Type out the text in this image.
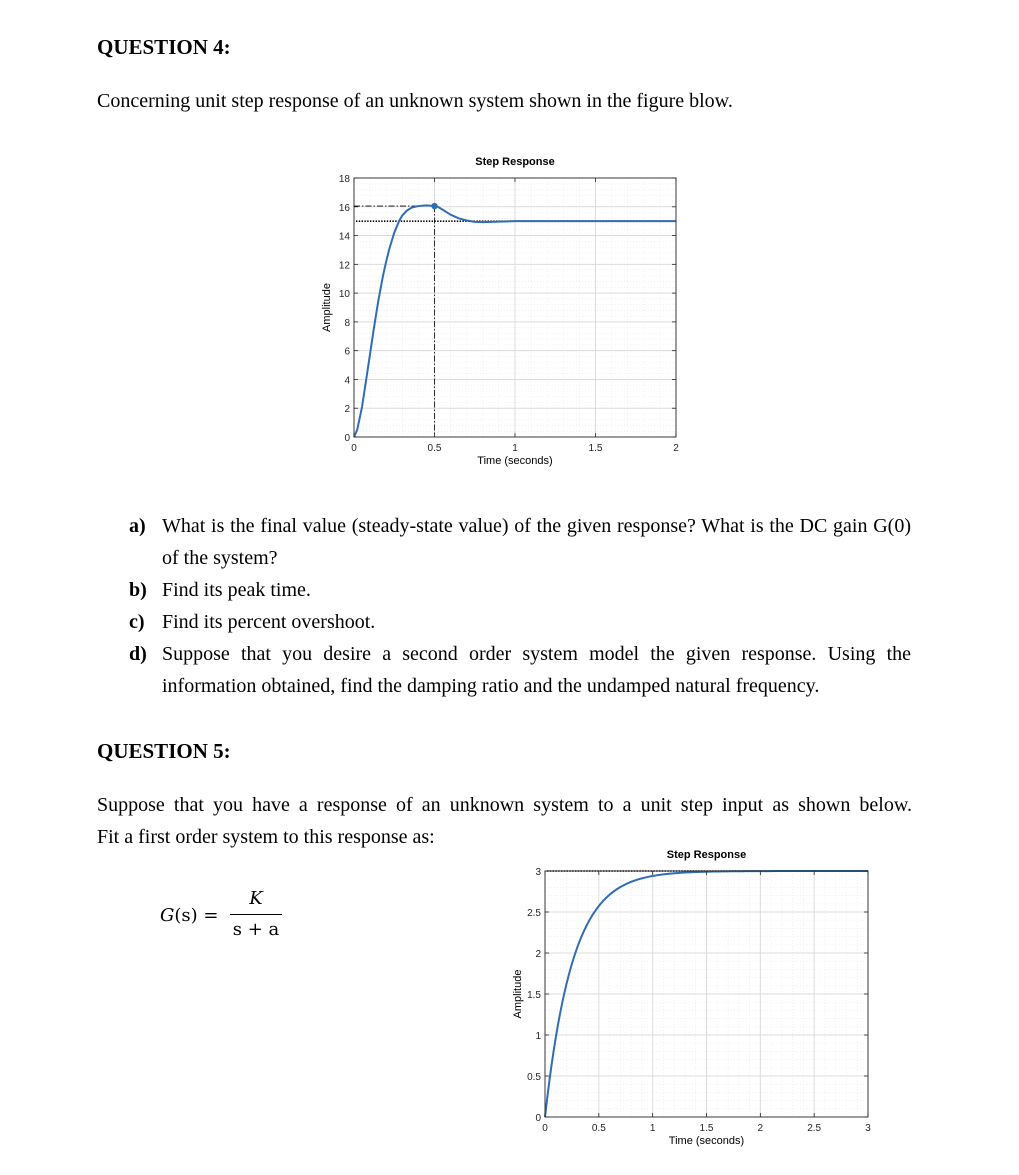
QUESTION 4:
Concerning unit step response of an unknown system shown in the figure blow.
0	0.5	1	1.5	2
0
2
4
6
8
10
12
14
16
18
Step Response
Time (seconds)
Amplitude
a) What is the final value (steady-state value) of the given response? What is the DC gain G(0) of the system?
b) Find its peak time.
c) Find its percent overshoot.
d) Suppose that you desire a second order system model the given response. Using the information obtained, find the damping ratio and the undamped natural frequency.
QUESTION 5:
Suppose that you have a response of an unknown system to a unit step input as shown below.
Fit a first order system to this response as:
G(s) =
K
s + a
0	0.5	1	1.5	2	2.5	3
0
0.5
1
1.5
2
2.5
3
Step Response
Time (seconds)
Amplitude
